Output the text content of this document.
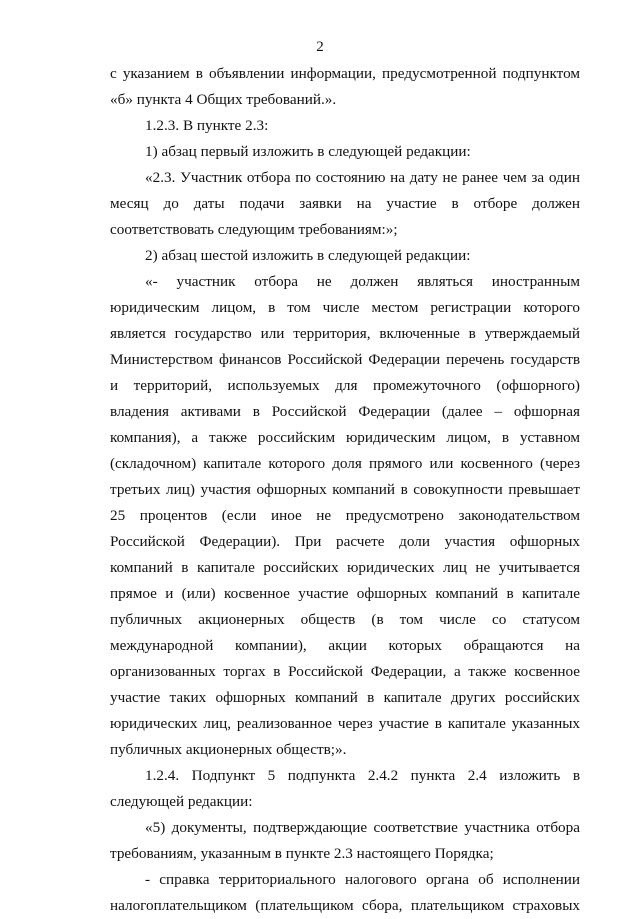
2

с указанием в объявлении информации, предусмотренной подпунктом «б» пункта 4 Общих требований.».

1.2.3. В пункте 2.3:

1) абзац первый изложить в следующей редакции:

«2.3. Участник отбора по состоянию на дату не ранее чем за один месяц до даты подачи заявки на участие в отборе должен соответствовать следующим требованиям:»;

2) абзац шестой изложить в следующей редакции:

«- участник отбора не должен являться иностранным юридическим лицом, в том числе местом регистрации которого является государство или территория, включенные в утверждаемый Министерством финансов Российской Федерации перечень государств и территорий, используемых для промежуточного (офшорного) владения активами в Российской Федерации (далее – офшорная компания), а также российским юридическим лицом, в уставном (складочном) капитале которого доля прямого или косвенного (через третьих лиц) участия офшорных компаний в совокупности превышает 25 процентов (если иное не предусмотрено законодательством Российской Федерации). При расчете доли участия офшорных компаний в капитале российских юридических лиц не учитывается прямое и (или) косвенное участие офшорных компаний в капитале публичных акционерных обществ (в том числе со статусом международной компании), акции которых обращаются на организованных торгах в Российской Федерации, а также косвенное участие таких офшорных компаний в капитале других российских юридических лиц, реализованное через участие в капитале указанных публичных акционерных обществ;».

1.2.4. Подпункт 5 подпункта 2.4.2 пункта 2.4 изложить в следующей редакции:

«5) документы, подтверждающие соответствие участника отбора требованиям, указанным в пункте 2.3 настоящего Порядка;

- справка территориального налогового органа об исполнении налогоплательщиком (плательщиком сбора, плательщиком страховых
